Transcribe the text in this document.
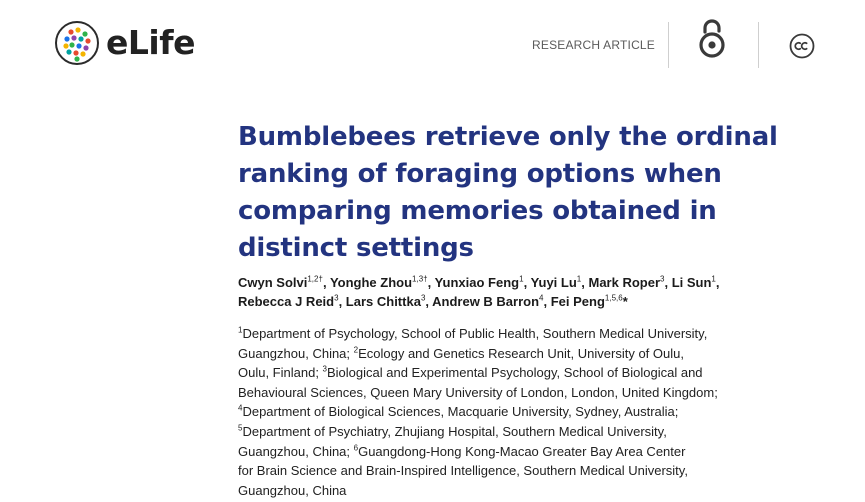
eLife	RESEARCH ARTICLE
Bumblebees retrieve only the ordinal
ranking of foraging options when
comparing memories obtained in
distinct settings

Cwyn Solvi$^{1,2\dagger}$, Yonghe Zhou$^{1,3\dagger}$, Yunxiao Feng$^1$, Yuyi Lu$^1$, Mark Roper$^3$, Li Sun$^1$,
Rebecca J Reid$^3$, Lars Chittka$^3$, Andrew B Barron$^4$, Fei Peng$^{1,5,6}$*

$^1$Department of Psychology, School of Public Health, Southern Medical University,
Guangzhou, China; $^2$Ecology and Genetics Research Unit, University of Oulu,
Oulu, Finland; $^3$Biological and Experimental Psychology, School of Biological and
Behavioural Sciences, Queen Mary University of London, London, United Kingdom;
$^4$Department of Biological Sciences, Macquarie University, Sydney, Australia;
$^5$Department of Psychiatry, Zhujiang Hospital, Southern Medical University,
Guangzhou, China; $^6$Guangdong-Hong Kong-Macao Greater Bay Area Center
for Brain Science and Brain-Inspired Intelligence, Southern Medical University,
Guangzhou, China
